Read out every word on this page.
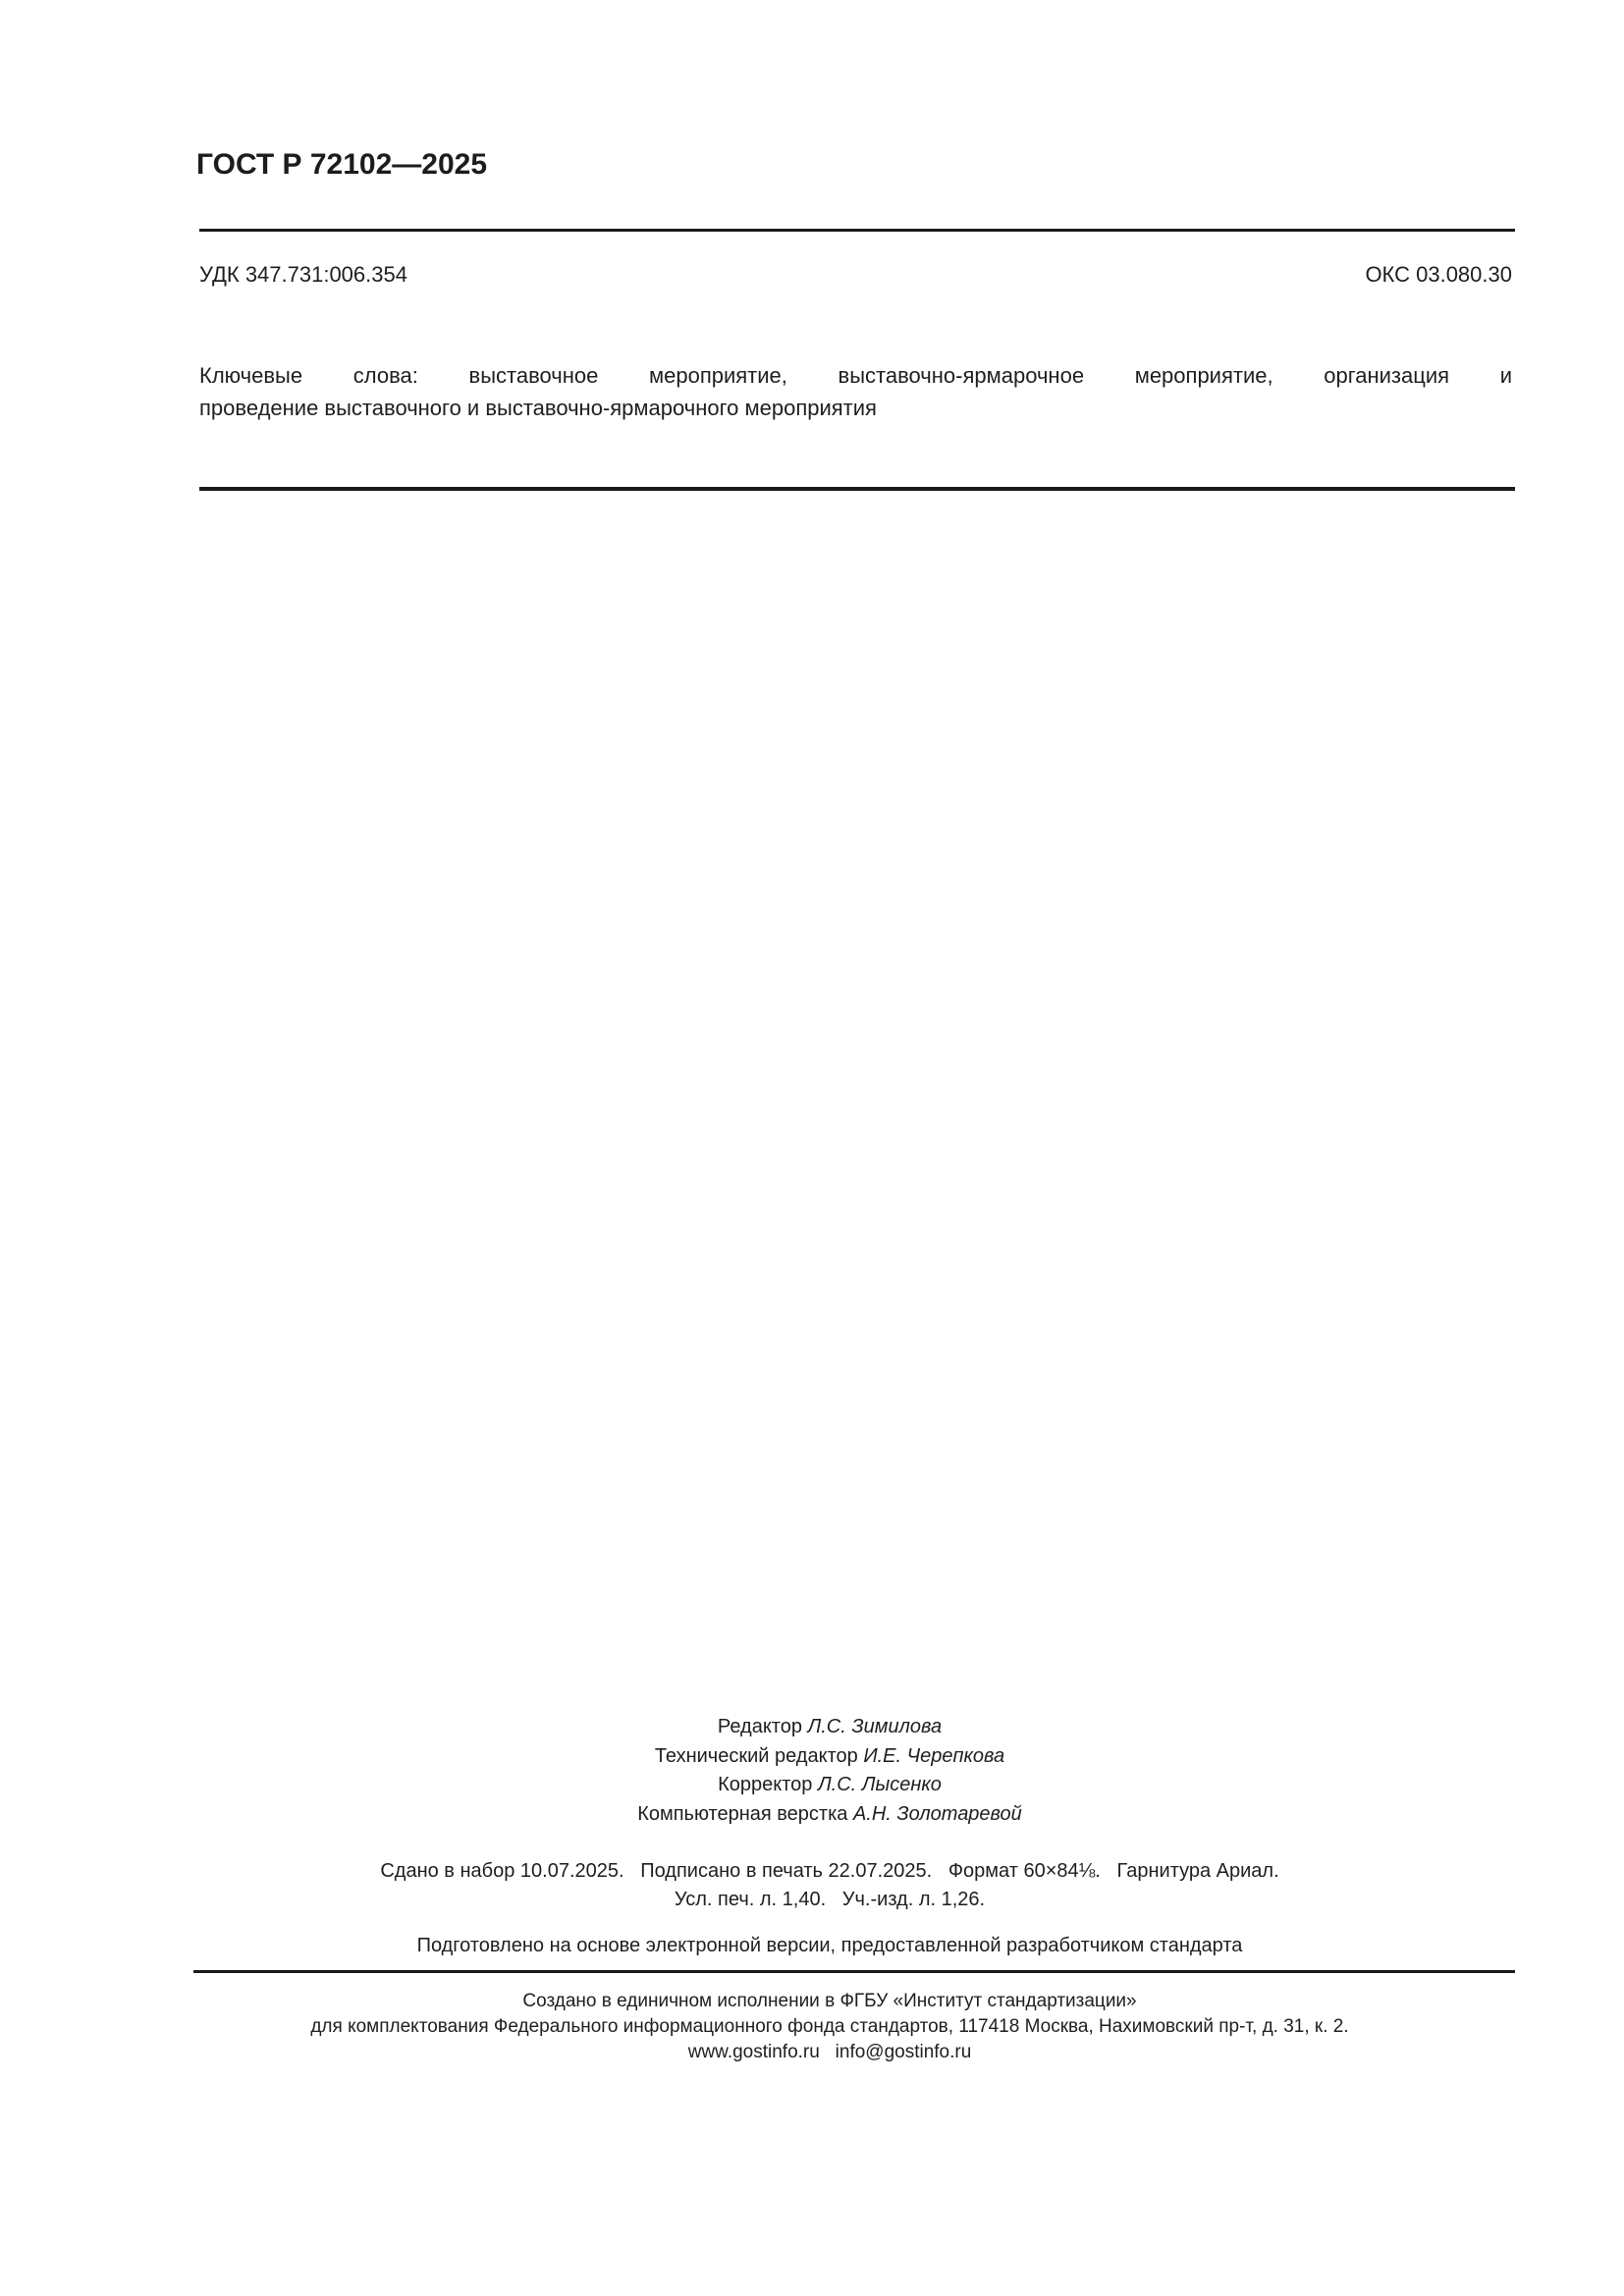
ГОСТ Р 72102—2025
УДК 347.731:006.354	ОКС 03.080.30
Ключевые слова: выставочное мероприятие, выставочно-ярмарочное мероприятие, организация и
проведение выставочного и выставочно-ярмарочного мероприятия
Редактор Л.С. Зимилова
Технический редактор И.Е. Черепкова
Корректор Л.С. Лысенко
Компьютерная верстка А.Н. Золотаревой
Сдано в набор 10.07.2025.   Подписано в печать 22.07.2025.   Формат 60×84⅛.   Гарнитура Ариал.
Усл. печ. л. 1,40.   Уч.-изд. л. 1,26.
Подготовлено на основе электронной версии, предоставленной разработчиком стандарта
Создано в единичном исполнении в ФГБУ «Институт стандартизации»
для комплектования Федерального информационного фонда стандартов, 117418 Москва, Нахимовский пр-т, д. 31, к. 2.
www.gostinfo.ru   info@gostinfo.ru
